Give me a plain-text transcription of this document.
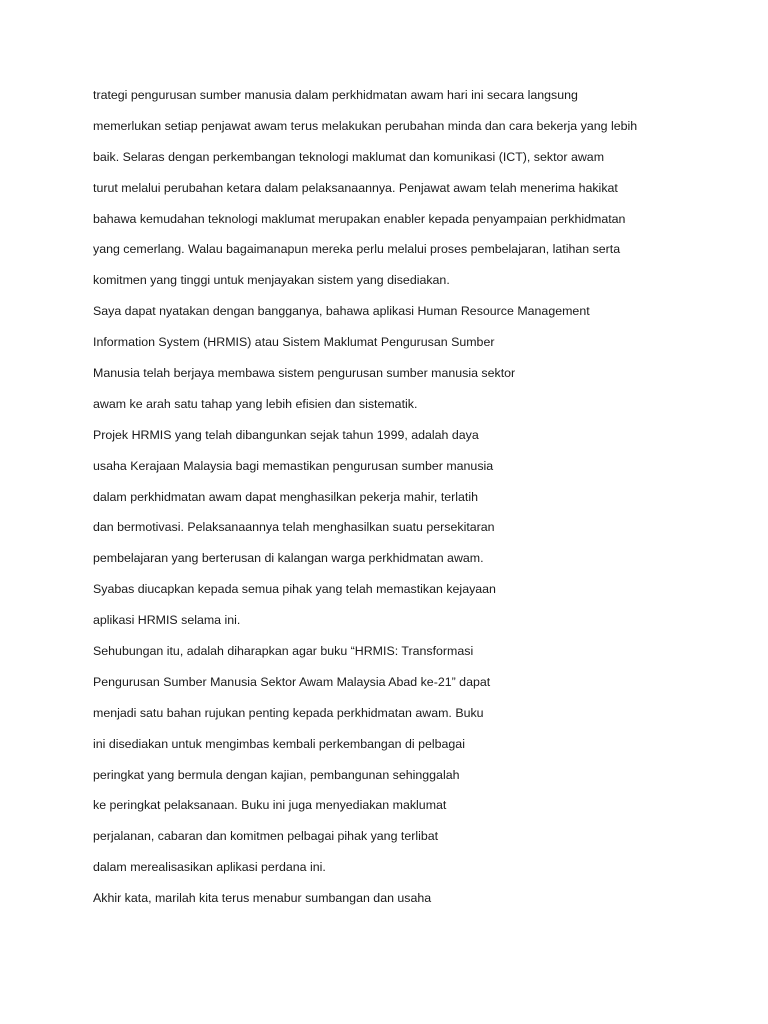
trategi pengurusan sumber manusia dalam perkhidmatan awam hari ini secara langsung
memerlukan setiap penjawat awam terus melakukan perubahan minda dan cara bekerja yang lebih
baik. Selaras dengan perkembangan teknologi maklumat dan komunikasi (ICT), sektor awam
turut melalui perubahan ketara dalam pelaksanaannya. Penjawat awam telah menerima hakikat
bahawa kemudahan teknologi maklumat merupakan enabler kepada penyampaian perkhidmatan
yang cemerlang. Walau bagaimanapun mereka perlu melalui proses pembelajaran, latihan serta
komitmen yang tinggi untuk menjayakan sistem yang disediakan.
Saya dapat nyatakan dengan bangganya, bahawa aplikasi Human Resource Management
Information System (HRMIS) atau Sistem Maklumat Pengurusan Sumber
Manusia telah berjaya membawa sistem pengurusan sumber manusia sektor
awam ke arah satu tahap yang lebih efisien dan sistematik.
Projek HRMIS yang telah dibangunkan sejak tahun 1999, adalah daya
usaha Kerajaan Malaysia bagi memastikan pengurusan sumber manusia
dalam perkhidmatan awam dapat menghasilkan pekerja mahir, terlatih
dan bermotivasi. Pelaksanaannya telah menghasilkan suatu persekitaran
pembelajaran yang berterusan di kalangan warga perkhidmatan awam.
Syabas diucapkan kepada semua pihak yang telah memastikan kejayaan
aplikasi HRMIS selama ini.
Sehubungan itu, adalah diharapkan agar buku “HRMIS: Transformasi
Pengurusan Sumber Manusia Sektor Awam Malaysia Abad ke-21” dapat
menjadi satu bahan rujukan penting kepada perkhidmatan awam. Buku
ini disediakan untuk mengimbas kembali perkembangan di pelbagai
peringkat yang bermula dengan kajian, pembangunan sehinggalah
ke peringkat pelaksanaan. Buku ini juga menyediakan maklumat
perjalanan, cabaran dan komitmen pelbagai pihak yang terlibat
dalam merealisasikan aplikasi perdana ini.
Akhir kata, marilah kita terus menabur sumbangan dan usaha
